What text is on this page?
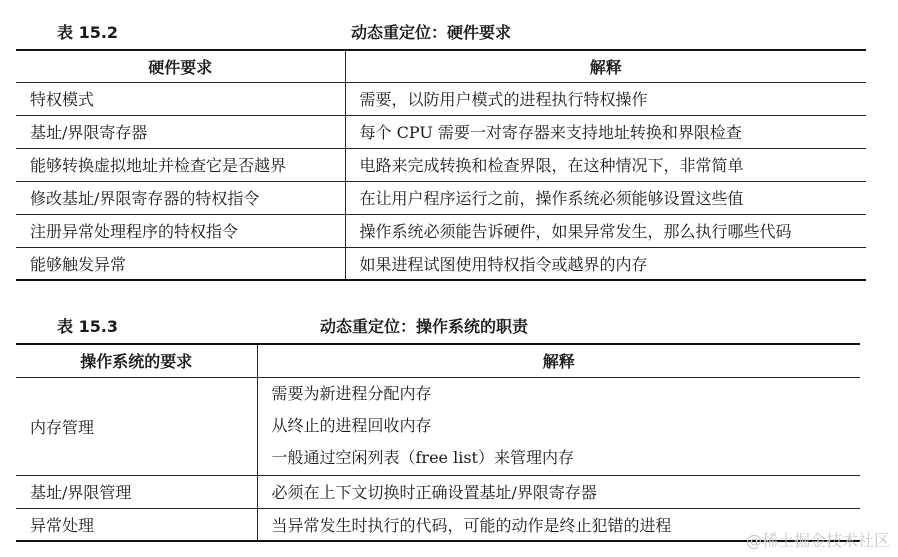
表 15.2	动态重定位：硬件要求
硬件要求	解释
特权模式	需要，以防用户模式的进程执行特权操作
基址/界限寄存器	每个 CPU 需要一对寄存器来支持地址转换和界限检查
能够转换虚拟地址并检查它是否越界	电路来完成转换和检查界限，在这种情况下，非常简单
修改基址/界限寄存器的特权指令	在让用户程序运行之前，操作系统必须能够设置这些值
注册异常处理程序的特权指令	操作系统必须能告诉硬件，如果异常发生，那么执行哪些代码
能够触发异常	如果进程试图使用特权指令或越界的内存
表 15.3	动态重定位：操作系统的职责
操作系统的要求	解释
内存管理	需要为新进程分配内存
从终止的进程回收内存
一般通过空闲列表（free list）来管理内存

基址/界限管理	必须在上下文切换时正确设置基址/界限寄存器
异常处理	当异常发生时执行的代码，可能的动作是终止犯错的进程
@稀土掘金技术社区
